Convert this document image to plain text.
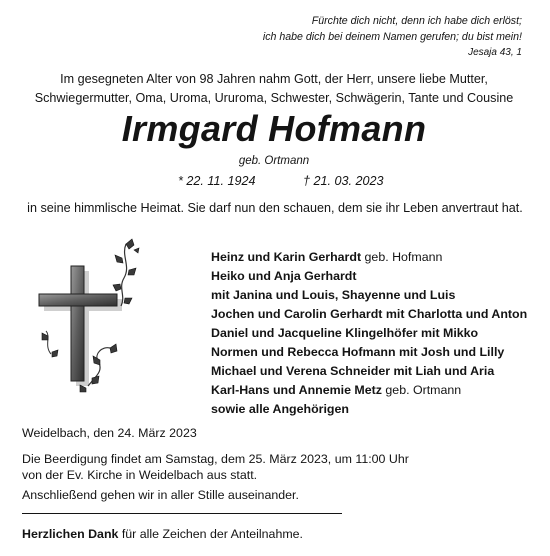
Fürchte dich nicht, denn ich habe dich erlöst;
ich habe dich bei deinem Namen gerufen; du bist mein!
Jesaja 43, 1
Im gesegneten Alter von 98 Jahren nahm Gott, der Herr, unsere liebe Mutter,
Schwiegermutter, Oma, Uroma, Ururoma, Schwester, Schwägerin, Tante und Cousine
Irmgard Hofmann
geb. Ortmann
* 22. 11. 1924	† 21. 03. 2023
in seine himmlische Heimat. Sie darf nun den schauen, dem sie ihr Leben anvertraut hat.
Heinz und Karin Gerhardt geb. Hofmann
Heiko und Anja Gerhardt
mit Janina und Louis, Shayenne und Luis
Jochen und Carolin Gerhardt mit Charlotta und Anton
Daniel und Jacqueline Klingelhöfer mit Mikko
Normen und Rebecca Hofmann mit Josh und Lilly
Michael und Verena Schneider mit Liah und Aria
Karl-Hans und Annemie Metz geb. Ortmann
sowie alle Angehörigen
Weidelbach, den 24. März 2023
Die Beerdigung findet am Samstag, dem 25. März 2023, um 11:00 Uhr
von der Ev. Kirche in Weidelbach aus statt.
Anschließend gehen wir in aller Stille auseinander.
Herzlichen Dank für alle Zeichen der Anteilnahme.
